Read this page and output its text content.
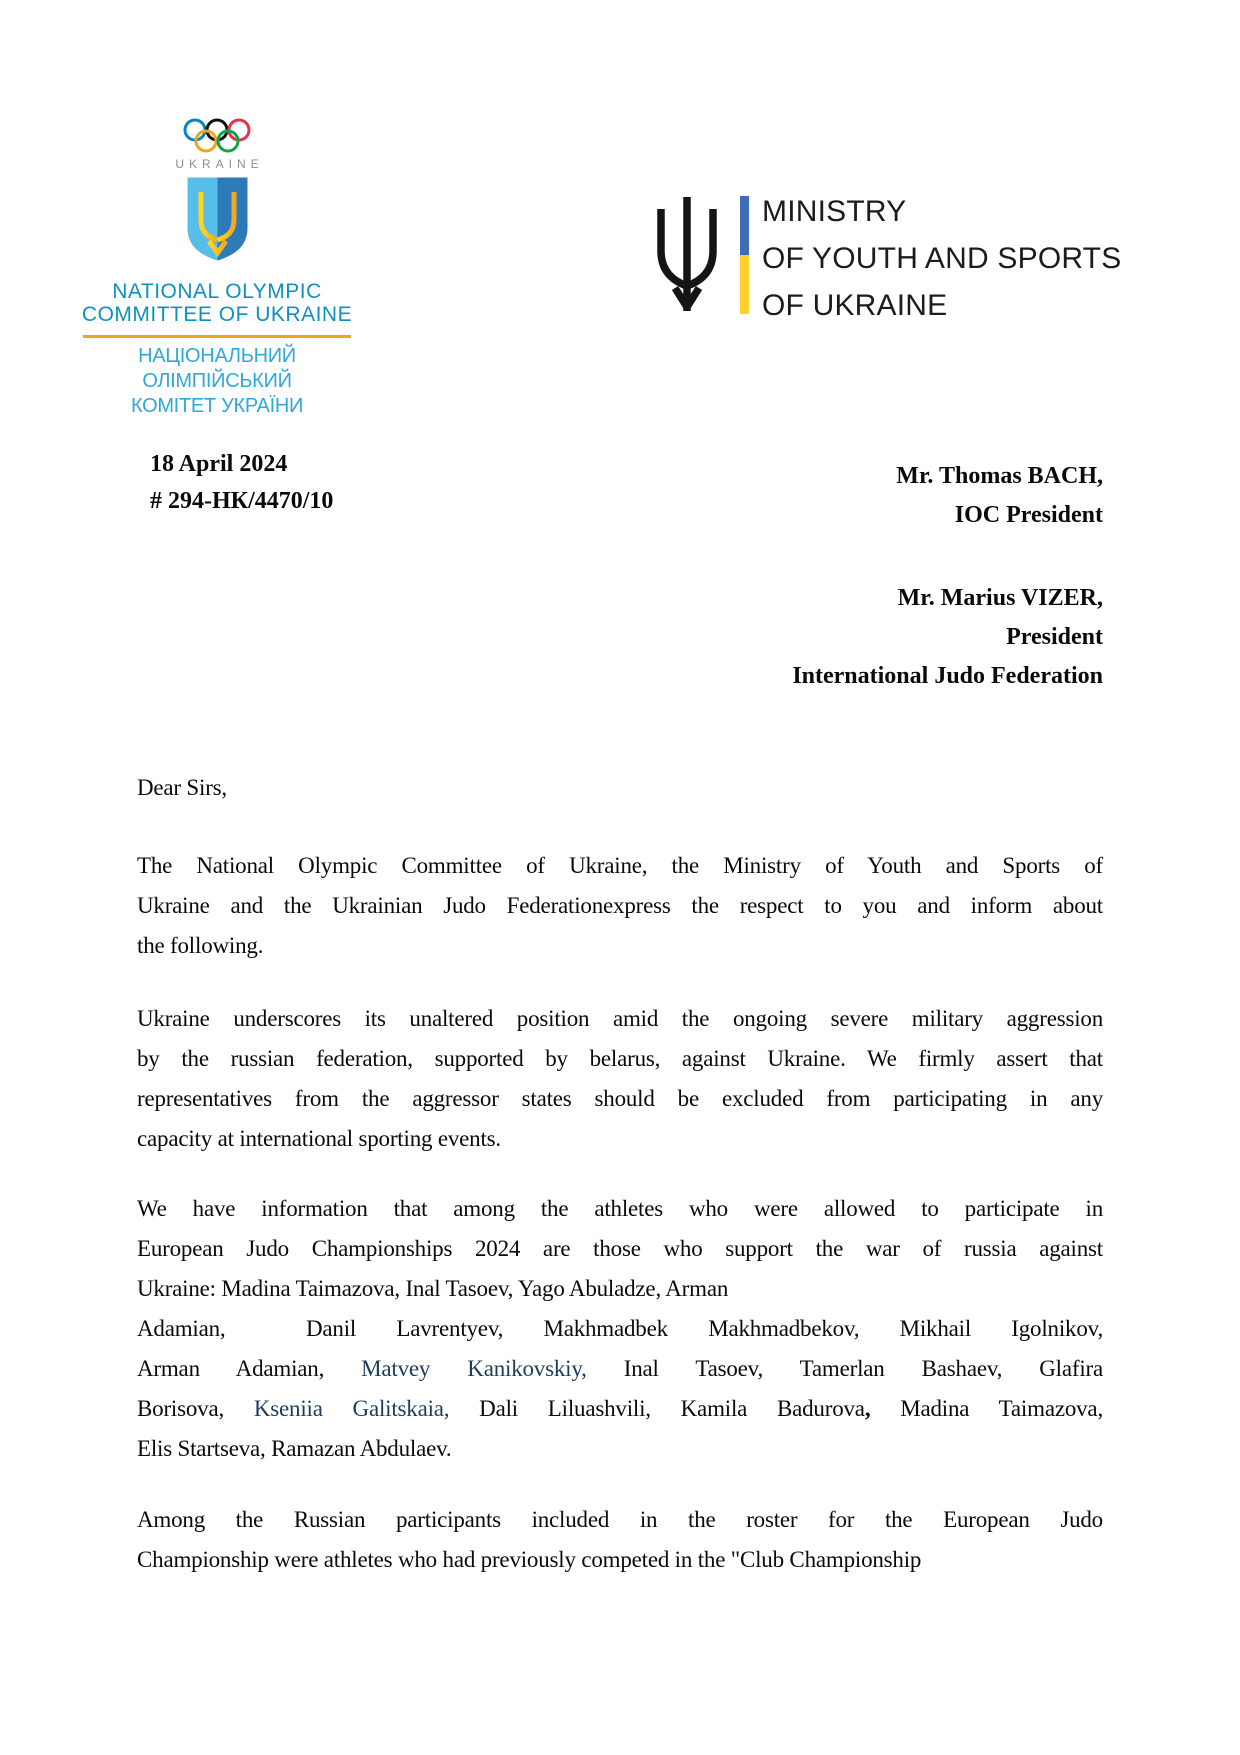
UKRAINE
NATIONAL OLYMPIC
COMMITTEE OF UKRAINE
НАЦІОНАЛЬНИЙ ОЛІМПІЙСЬКИЙ
КОМІТЕТ УКРАЇНИ
MINISTRY
OF YOUTH AND SPORTS
OF UKRAINE
18 April 2024
# 294-НК/4470/10
Mr. Thomas BACH,
IOC President
Mr. Marius VIZER,
President
International Judo Federation
Dear Sirs,
The National Olympic Committee of Ukraine, the Ministry of Youth and Sports of
Ukraine and the Ukrainian Judo Federationexpress the respect to you and inform about
the following.
Ukraine underscores its unaltered position amid the ongoing severe military aggression
by the russian federation, supported by belarus, against Ukraine. We firmly assert that
representatives from the aggressor states should be excluded from participating in any
capacity at international sporting events.
We have information that among the athletes who were allowed to participate in
European Judo Championships 2024 are those who support the war of russia against
Ukraine: Madina Taimazova, Inal Tasoev, Yago Abuladze, Arman
Adamian,  Danil Lavrentyev, Makhmadbek Makhmadbekov, Mikhail Igolnikov,
Arman Adamian, Matvey Kanikovskiy, Inal Tasoev, Tamerlan Bashaev, Glafira
Borisova, Kseniia Galitskaia, Dali Liluashvili, Kamila Badurova, Madina Taimazova,
Elis Startseva, Ramazan Abdulaev.
Among the Russian participants included in the roster for the European Judo
Championship were athletes who had previously competed in the "Club Championship
